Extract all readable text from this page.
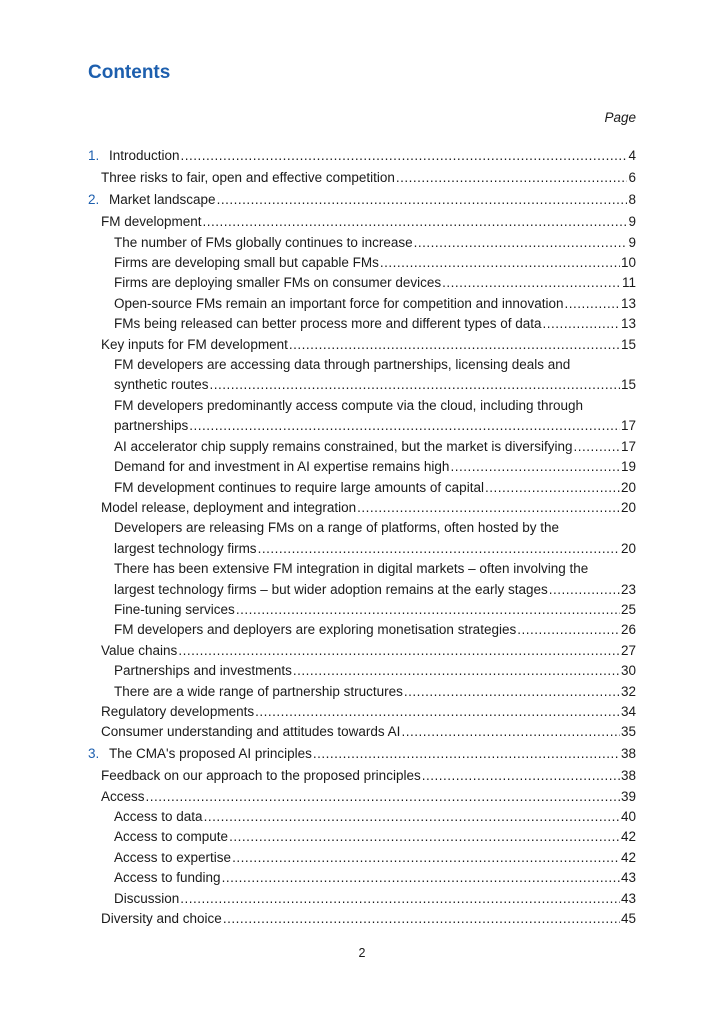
Contents
Page
1. Introduction .....	4
Three risks to fair, open and effective competition .....	6
2. Market landscape .....	8
FM development .....	9
The number of FMs globally continues to increase .....	9
Firms are developing small but capable FMs .....	10
Firms are deploying smaller FMs on consumer devices .....	11
Open-source FMs remain an important force for competition and innovation .....	13
FMs being released can better process more and different types of data .....	13
Key inputs for FM development .....	15
FM developers are accessing data through partnerships, licensing deals and
synthetic routes .....	15
FM developers predominantly access compute via the cloud, including through
partnerships .....	17
AI accelerator chip supply remains constrained, but the market is diversifying .....	17
Demand for and investment in AI expertise remains high .....	19
FM development continues to require large amounts of capital .....	20
Model release, deployment and integration .....	20
Developers are releasing FMs on a range of platforms, often hosted by the
largest technology firms .....	20
There has been extensive FM integration in digital markets – often involving the
largest technology firms – but wider adoption remains at the early stages .....	23
Fine-tuning services .....	25
FM developers and deployers are exploring monetisation strategies .....	26
Value chains .....	27
Partnerships and investments .....	30
There are a wide range of partnership structures .....	32
Regulatory developments .....	34
Consumer understanding and attitudes towards AI .....	35
3. The CMA's proposed AI principles .....	38
Feedback on our approach to the proposed principles .....	38
Access .....	39
Access to data .....	40
Access to compute .....	42
Access to expertise .....	42
Access to funding .....	43
Discussion .....	43
Diversity and choice .....	45
2
